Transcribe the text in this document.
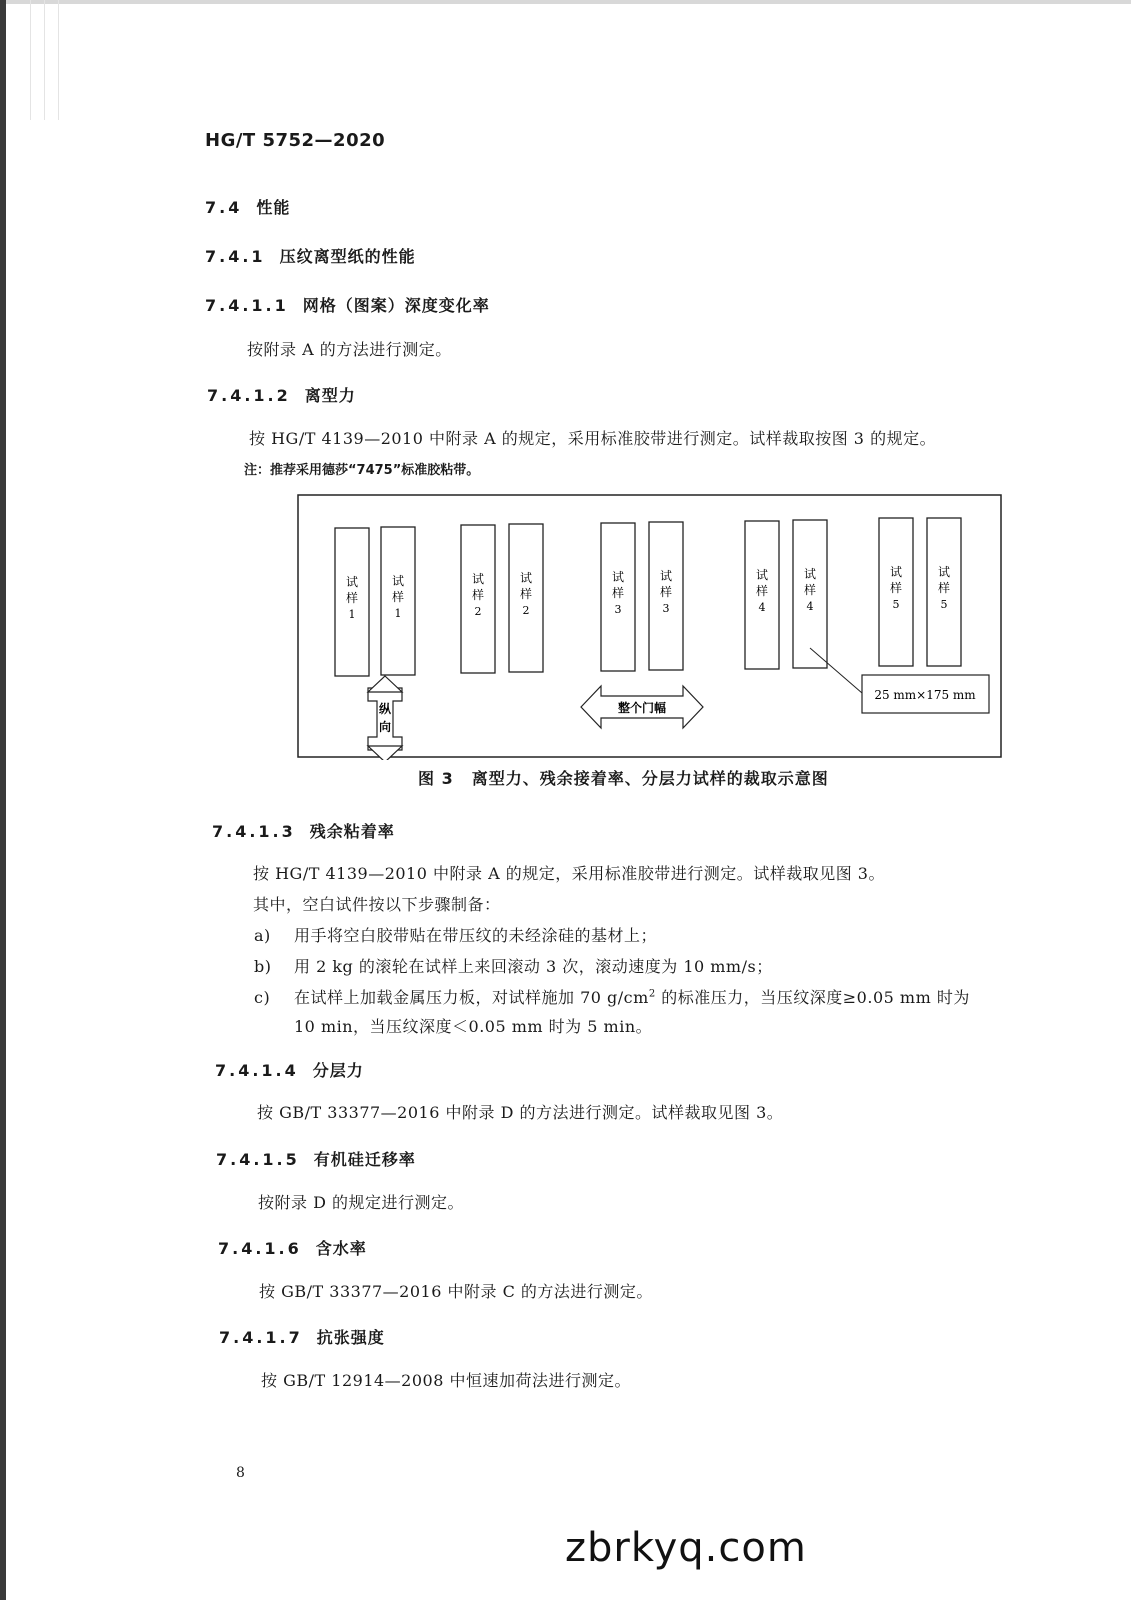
HG/T 5752—2020
7.4 性能
7.4.1 压纹离型纸的性能
7.4.1.1 网格（图案）深度变化率
按附录 A 的方法进行测定。
7.4.1.2 离型力
按 HG/T 4139—2010 中附录 A 的规定，采用标准胶带进行测定。试样裁取按图 3 的规定。
注：推荐采用德莎“7475”标准胶粘带。
试
样
1
试
样
1
试
样
2
试
样
2
试
样
3
试
样
3
试
样
4
试
样
4
试
样
5
试
样
5
25 mm×175 mm
纵
向
整个门幅
图 3 离型力、残余接着率、分层力试样的裁取示意图
7.4.1.3 残余粘着率
按 HG/T 4139—2010 中附录 A 的规定，采用标准胶带进行测定。试样裁取见图 3。
其中，空白试件按以下步骤制备：
a) 用手将空白胶带贴在带压纹的未经涂硅的基材上；
b) 用 2 kg 的滚轮在试样上来回滚动 3 次，滚动速度为 10 mm/s；
c) 在试样上加载金属压力板，对试样施加 70 $g/cm^2$ 的标准压力，当压纹深度≥0.05 mm 时为
10 min，当压纹深度＜0.05 mm 时为 5 min。
7.4.1.4 分层力
按 GB/T 33377—2016 中附录 D 的方法进行测定。试样裁取见图 3。
7.4.1.5 有机硅迁移率
按附录 D 的规定进行测定。
7.4.1.6 含水率
按 GB/T 33377—2016 中附录 C 的方法进行测定。
7.4.1.7 抗张强度
按 GB/T 12914—2008 中恒速加荷法进行测定。
8
zbrkyq.com
